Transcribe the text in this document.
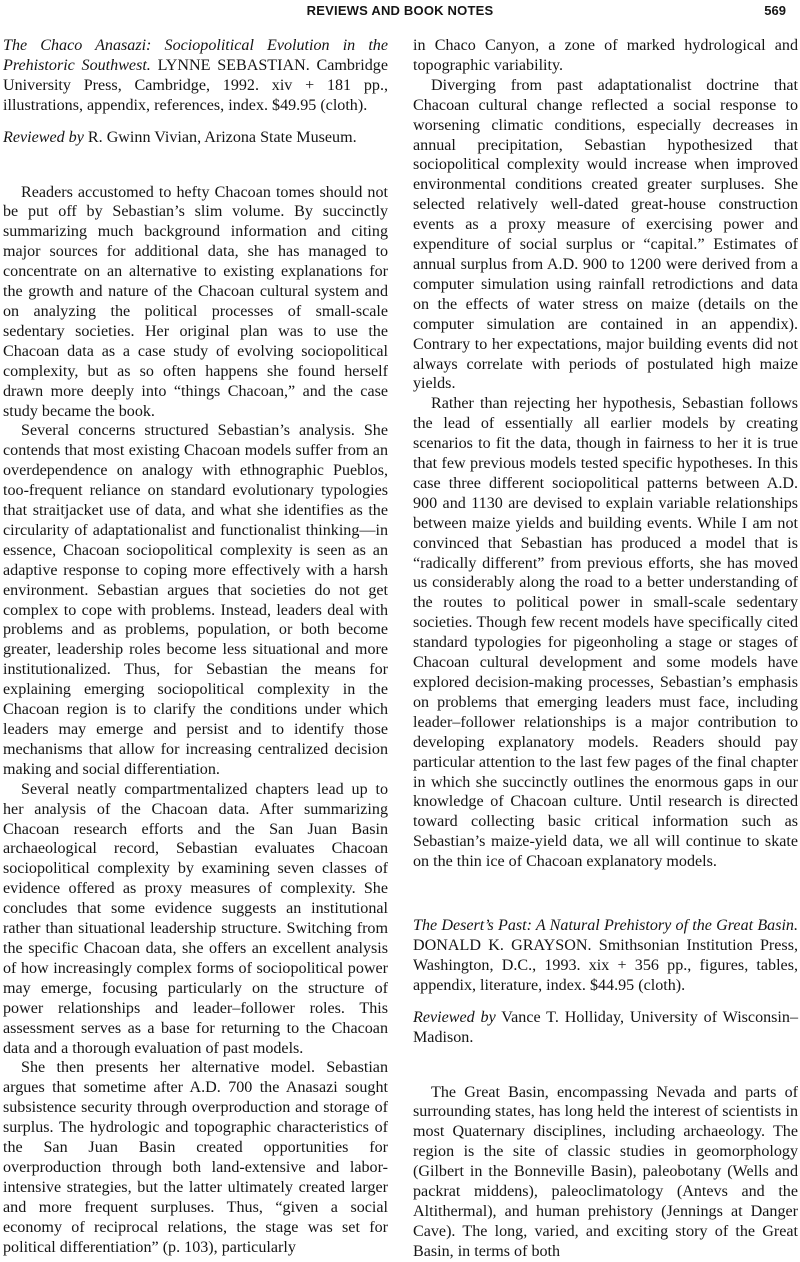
REVIEWS AND BOOK NOTES	569
The Chaco Anasazi: Sociopolitical Evolution in the Prehistoric Southwest. LYNNE SEBASTIAN. Cambridge University Press, Cambridge, 1992. xiv + 181 pp., illustrations, appendix, references, index. $49.95 (cloth).

Reviewed by R. Gwinn Vivian, Arizona State Museum.

Readers accustomed to hefty Chacoan tomes should not be put off by Sebastian’s slim volume. By succinctly summarizing much background information and citing major sources for additional data, she has managed to concentrate on an alternative to existing explanations for the growth and nature of the Chacoan cultural system and on analyzing the political processes of small-scale sedentary societies. Her original plan was to use the Chacoan data as a case study of evolving sociopolitical complexity, but as so often happens she found herself drawn more deeply into “things Chacoan,” and the case study became the book.

Several concerns structured Sebastian’s analysis. She contends that most existing Chacoan models suffer from an overdependence on analogy with ethnographic Pueblos, too-frequent reliance on standard evolutionary typologies that straitjacket use of data, and what she identifies as the circularity of adaptationalist and functionalist thinking—in essence, Chacoan sociopolitical complexity is seen as an adaptive response to coping more effectively with a harsh environment. Sebastian argues that societies do not get complex to cope with problems. Instead, leaders deal with problems and as problems, population, or both become greater, leadership roles become less situational and more institutionalized. Thus, for Sebastian the means for explaining emerging sociopolitical complexity in the Chacoan region is to clarify the conditions under which leaders may emerge and persist and to identify those mechanisms that allow for increasing centralized decision making and social differentiation.

Several neatly compartmentalized chapters lead up to her analysis of the Chacoan data. After summarizing Chacoan research efforts and the San Juan Basin archaeological record, Sebastian evaluates Chacoan sociopolitical complexity by examining seven classes of evidence offered as proxy measures of complexity. She concludes that some evidence suggests an institutional rather than situational leadership structure. Switching from the specific Chacoan data, she offers an excellent analysis of how increasingly complex forms of sociopolitical power may emerge, focusing particularly on the structure of power relationships and leader–follower roles. This assessment serves as a base for returning to the Chacoan data and a thorough evaluation of past models.

She then presents her alternative model. Sebastian argues that sometime after A.D. 700 the Anasazi sought subsistence security through overproduction and storage of surplus. The hydrologic and topographic characteristics of the San Juan Basin created opportunities for overproduction through both land-extensive and labor-intensive strategies, but the latter ultimately created larger and more frequent surpluses. Thus, “given a social economy of reciprocal relations, the stage was set for political differentiation” (p. 103), particularly

in Chaco Canyon, a zone of marked hydrological and topographic variability.

Diverging from past adaptationalist doctrine that Chacoan cultural change reflected a social response to worsening climatic conditions, especially decreases in annual precipitation, Sebastian hypothesized that sociopolitical complexity would increase when improved environmental conditions created greater surpluses. She selected relatively well-dated great-house construction events as a proxy measure of exercising power and expenditure of social surplus or “capital.” Estimates of annual surplus from A.D. 900 to 1200 were derived from a computer simulation using rainfall retrodictions and data on the effects of water stress on maize (details on the computer simulation are contained in an appendix). Contrary to her expectations, major building events did not always correlate with periods of postulated high maize yields.

Rather than rejecting her hypothesis, Sebastian follows the lead of essentially all earlier models by creating scenarios to fit the data, though in fairness to her it is true that few previous models tested specific hypotheses. In this case three different sociopolitical patterns between A.D. 900 and 1130 are devised to explain variable relationships between maize yields and building events. While I am not convinced that Sebastian has produced a model that is “radically different” from previous efforts, she has moved us considerably along the road to a better understanding of the routes to political power in small-scale sedentary societies. Though few recent models have specifically cited standard typologies for pigeonholing a stage or stages of Chacoan cultural development and some models have explored decision-making processes, Sebastian’s emphasis on problems that emerging leaders must face, including leader–follower relationships is a major contribution to developing explanatory models. Readers should pay particular attention to the last few pages of the final chapter in which she succinctly outlines the enormous gaps in our knowledge of Chacoan culture. Until research is directed toward collecting basic critical information such as Sebastian’s maize-yield data, we all will continue to skate on the thin ice of Chacoan explanatory models.

The Desert’s Past: A Natural Prehistory of the Great Basin. DONALD K. GRAYSON. Smithsonian Institution Press, Washington, D.C., 1993. xix + 356 pp., figures, tables, appendix, literature, index. $44.95 (cloth).

Reviewed by Vance T. Holliday, University of Wisconsin–Madison.

The Great Basin, encompassing Nevada and parts of surrounding states, has long held the interest of scientists in most Quaternary disciplines, including archaeology. The region is the site of classic studies in geomorphology (Gilbert in the Bonneville Basin), paleobotany (Wells and packrat middens), paleoclimatology (Antevs and the Altithermal), and human prehistory (Jennings at Danger Cave). The long, varied, and exciting story of the Great Basin, in terms of both
